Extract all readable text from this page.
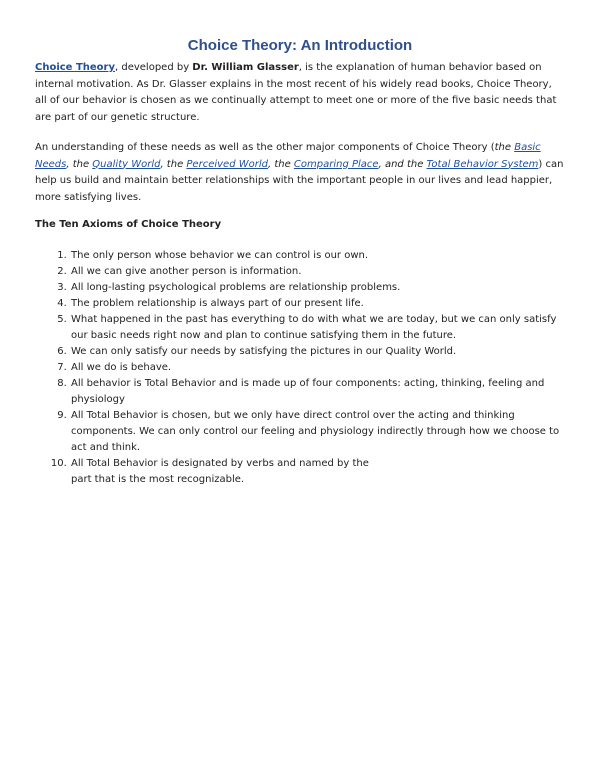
Choice Theory: An Introduction

Choice Theory, developed by Dr. William Glasser, is the explanation of human behavior based on internal motivation. As Dr. Glasser explains in the most recent of his widely read books, Choice Theory, all of our behavior is chosen as we continually attempt to meet one or more of the five basic needs that are part of our genetic structure.

An understanding of these needs as well as the other major components of Choice Theory (the Basic Needs, the Quality World, the Perceived World, the Comparing Place, and the Total Behavior System) can help us build and maintain better relationships with the important people in our lives and lead happier, more satisfying lives.

The Ten Axioms of Choice Theory
1. The only person whose behavior we can control is our own.
2. All we can give another person is information.
3. All long-lasting psychological problems are relationship problems.
4. The problem relationship is always part of our present life.
5. What happened in the past has everything to do with what we are today, but we can only satisfy our basic needs right now and plan to continue satisfying them in the future.
6. We can only satisfy our needs by satisfying the pictures in our Quality World.
7. All we do is behave.
8. All behavior is Total Behavior and is made up of four components: acting, thinking, feeling and physiology
9. All Total Behavior is chosen, but we only have direct control over the acting and thinking components. We can only control our feeling and physiology indirectly through how we choose to act and think.
10. All Total Behavior is designated by verbs and named by the part that is the most recognizable.
